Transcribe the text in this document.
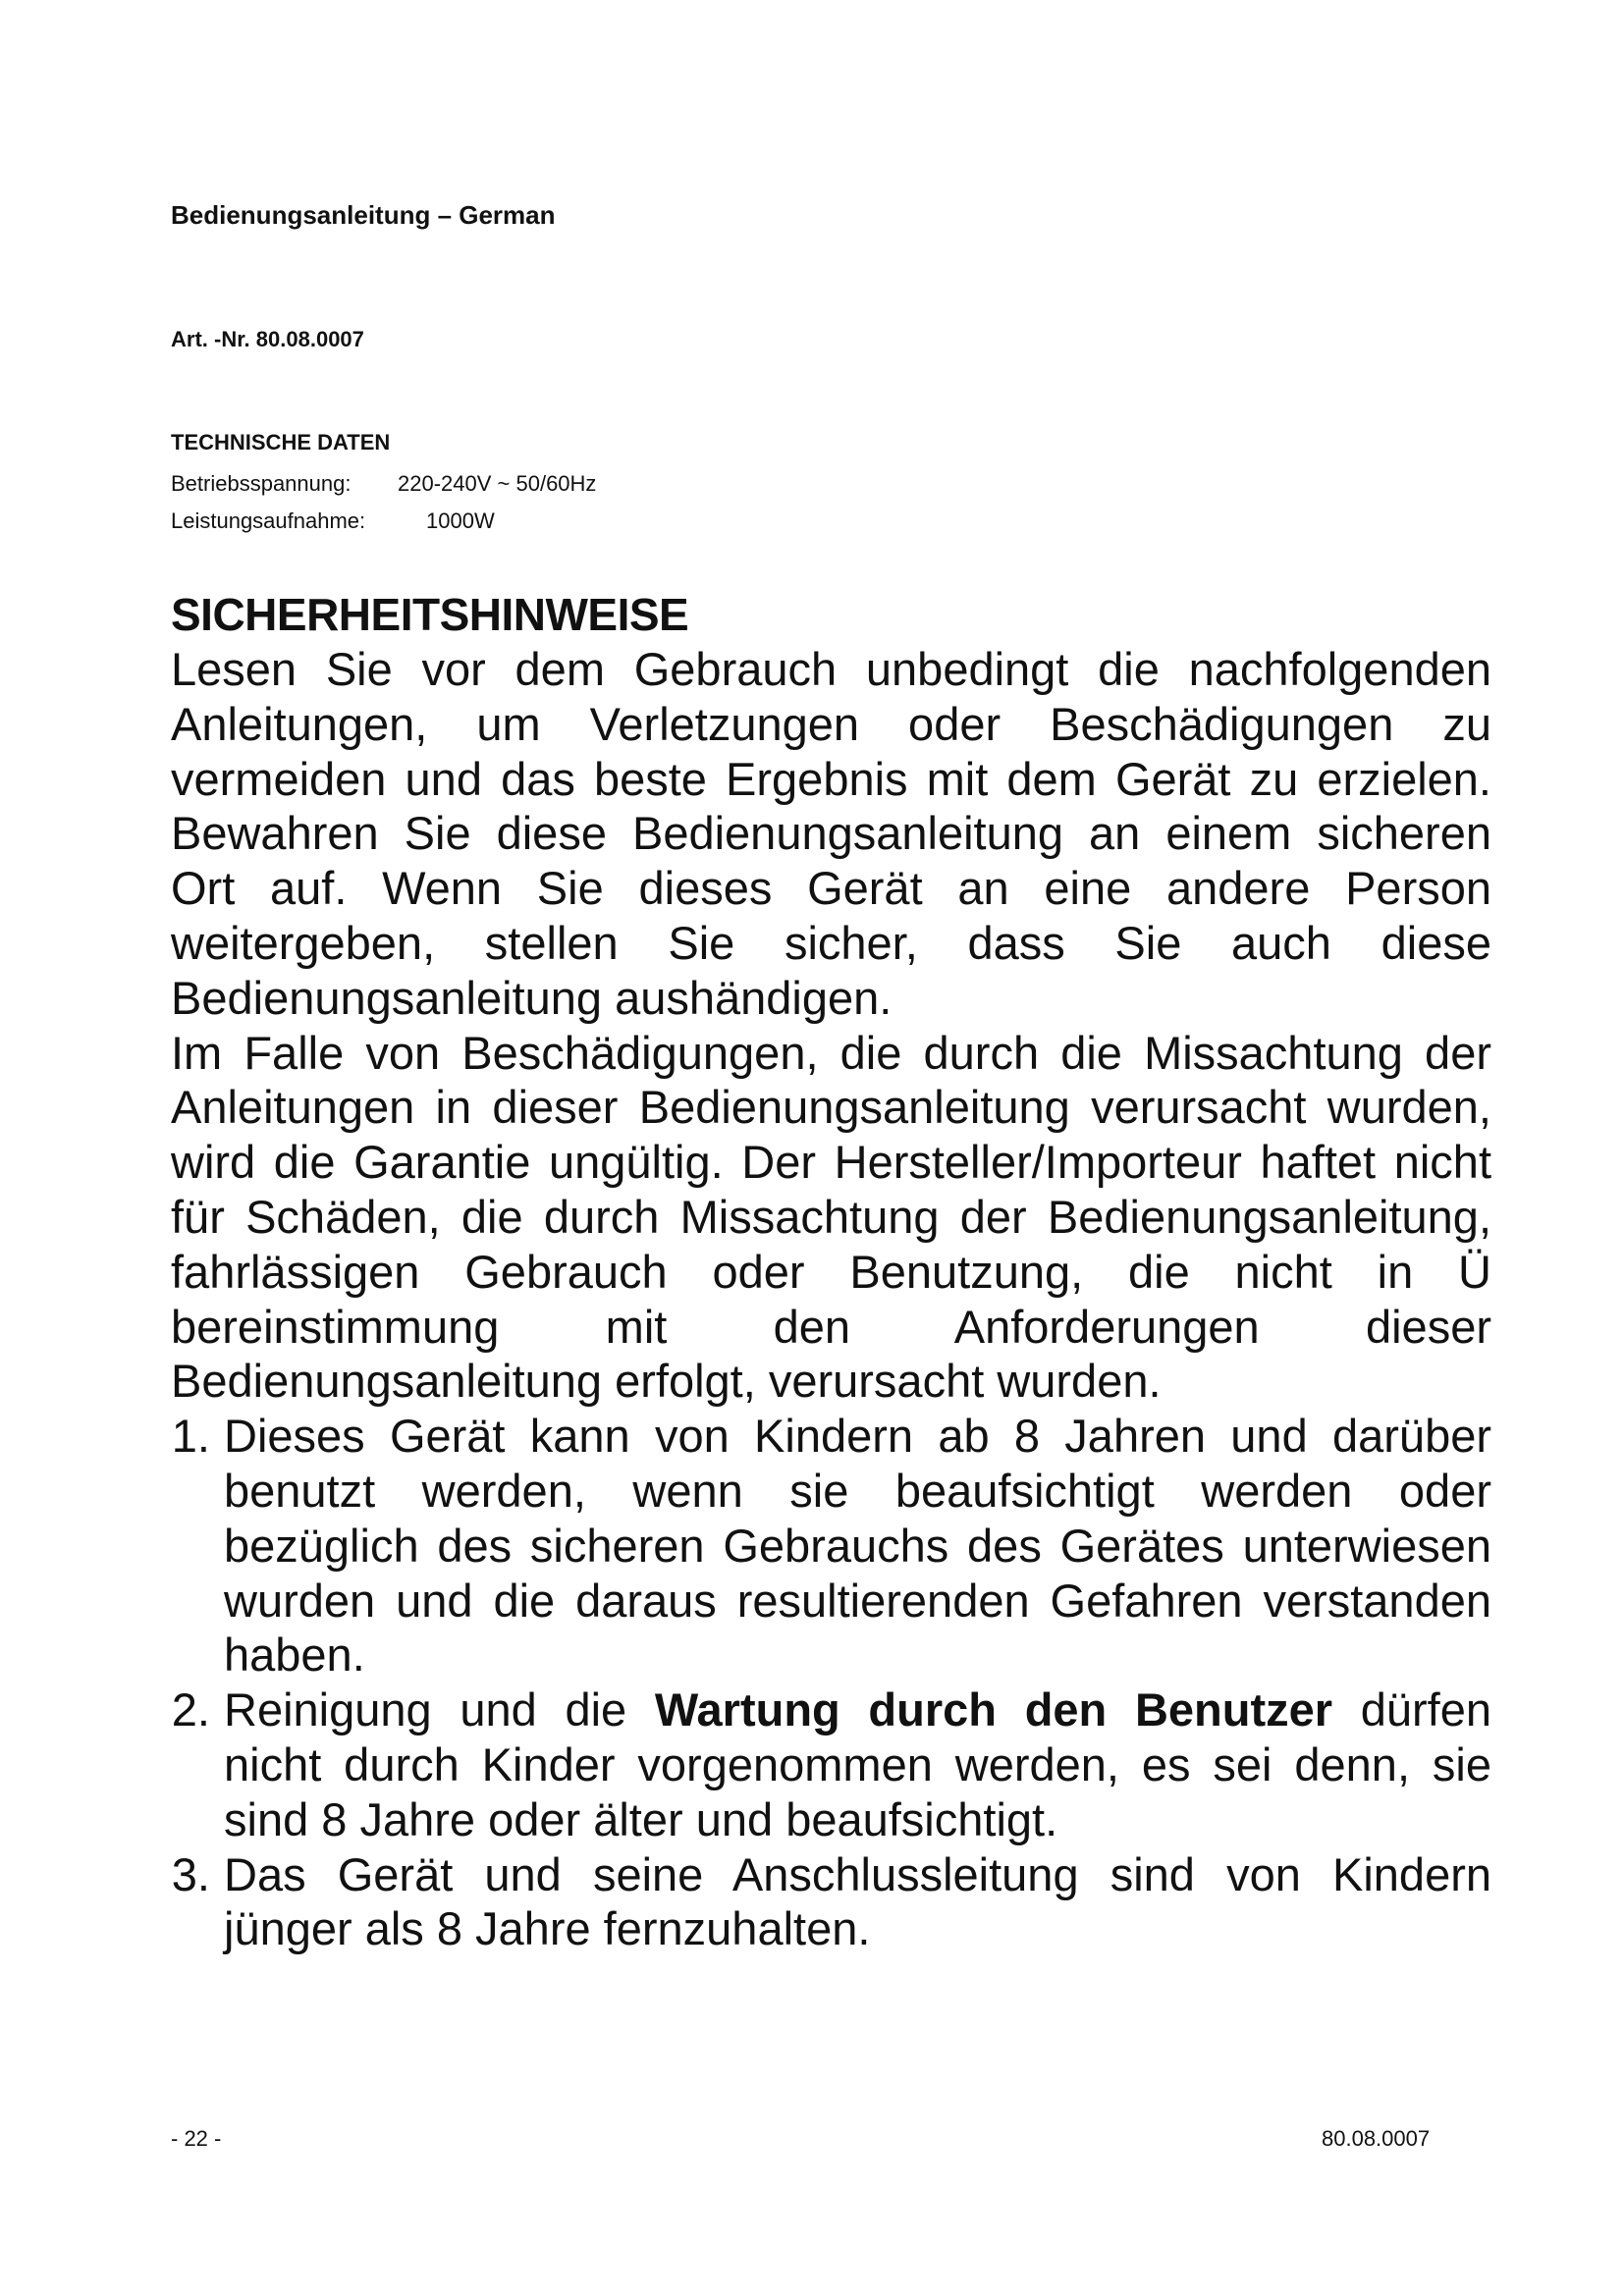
Bedienungsanleitung – German
Art. -Nr. 80.08.0007
TECHNISCHE DATEN
Betriebsspannung:	220-240V ~ 50/60Hz
Leistungsaufnahme:	1000W
SICHERHEITSHINWEISE

Lesen Sie vor dem Gebrauch unbedingt die nachfolgenden Anleitungen, um Verletzungen oder Beschädigungen zu vermeiden und das beste Ergebnis mit dem Gerät zu erzielen. Bewahren Sie diese Bedienungsanleitung an einem sicheren Ort auf. Wenn Sie dieses Gerät an eine andere Person weitergeben, stellen Sie sicher, dass Sie auch diese Bedienungsanleitung aushändigen.

Im Falle von Beschädigungen, die durch die Missachtung der Anleitungen in dieser Bedienungsanleitung verursacht wurden, wird die Garantie ungültig. Der Hersteller/Importeur haftet nicht für Schäden, die durch Missachtung der Bedienungsanleitung, fahrlässigen Gebrauch oder Benutzung, die nicht in Ü bereinstimmung mit den Anforderungen dieser Bedienungsanleitung erfolgt, verursacht wurden.

1. Dieses Gerät kann von Kindern ab 8 Jahren und darüber benutzt werden, wenn sie beaufsichtigt werden oder bezüglich des sicheren Gebrauchs des Gerätes unterwiesen wurden und die daraus resultierenden Gefahren verstanden haben.
2. Reinigung und die Wartung durch den Benutzer dürfen nicht durch Kinder vorgenommen werden, es sei denn, sie sind 8 Jahre oder älter und beaufsichtigt.
3. Das Gerät und seine Anschlussleitung sind von Kindern jünger als 8 Jahre fernzuhalten.
- 22 -	80.08.0007
